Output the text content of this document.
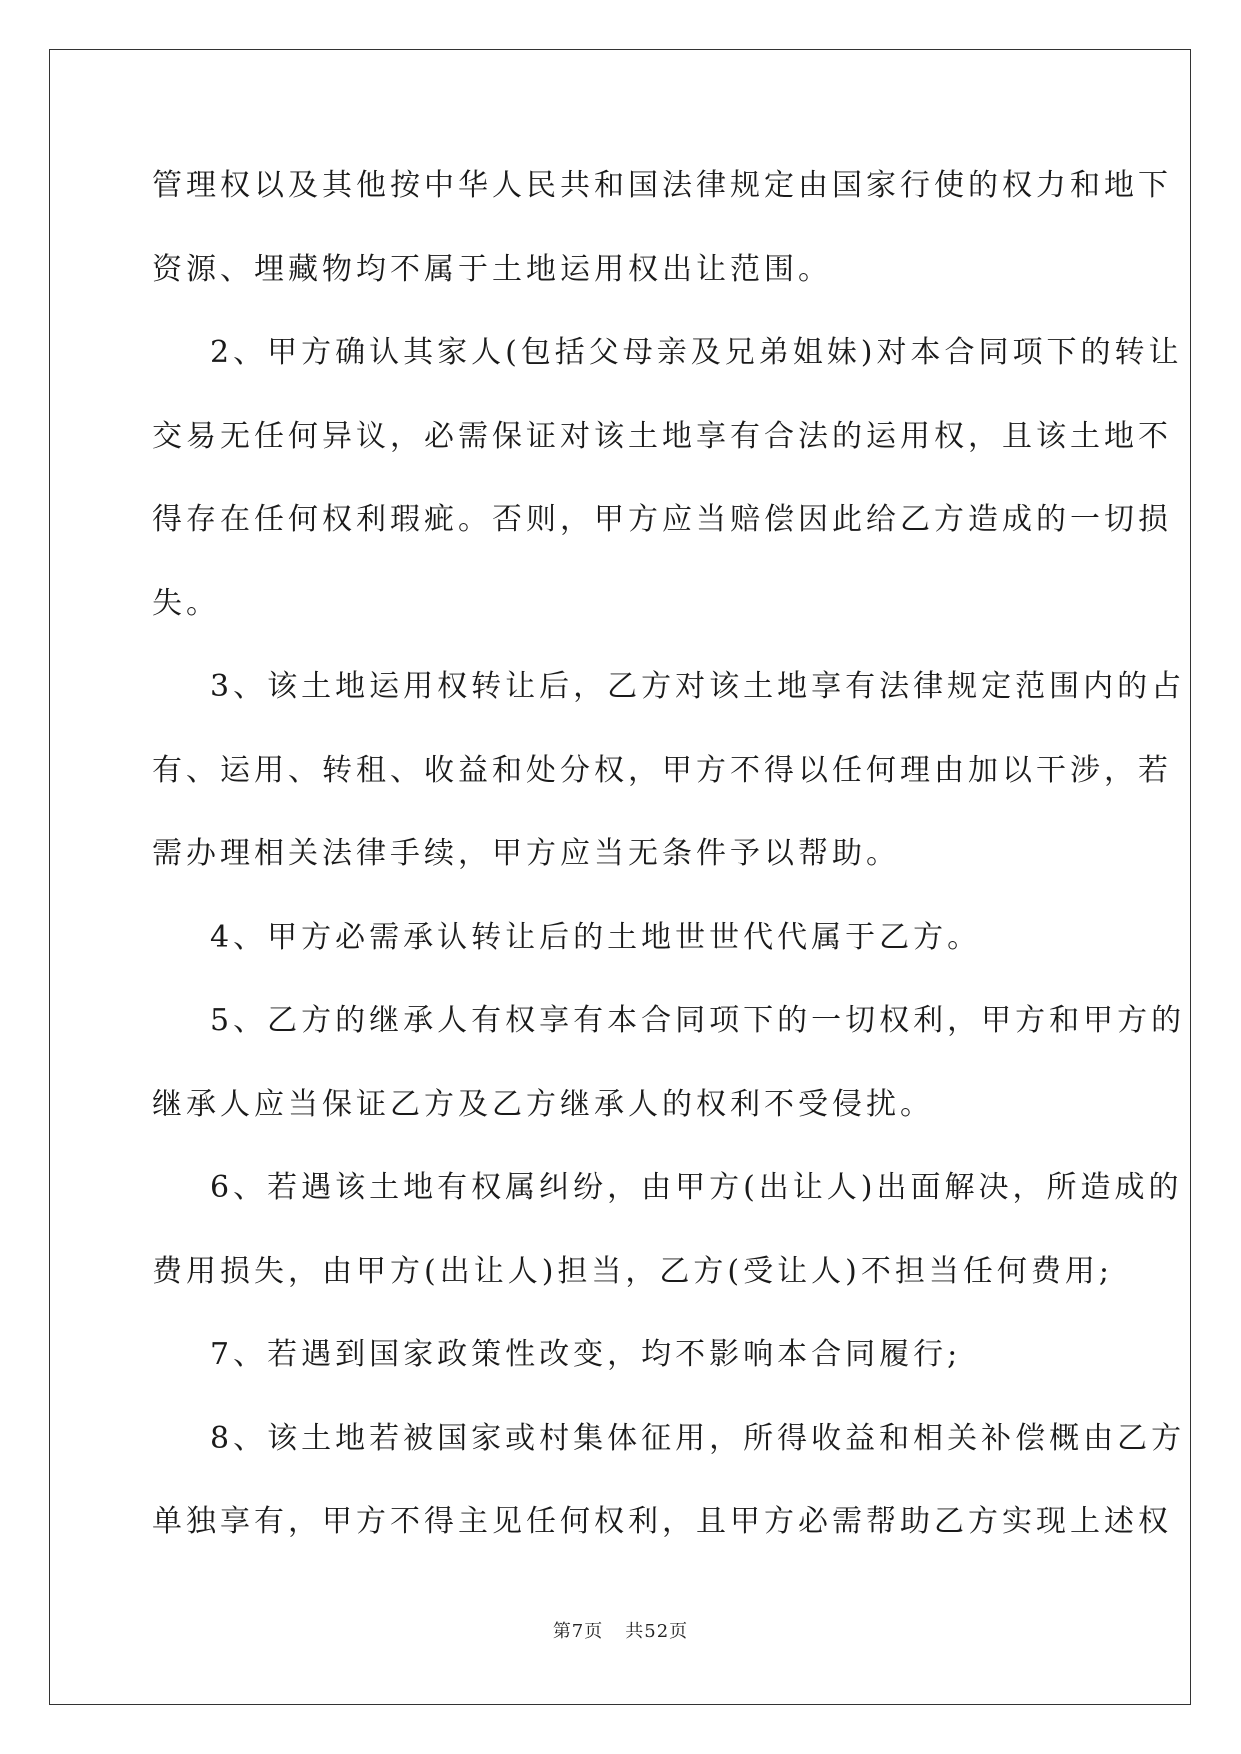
管理权以及其他按中华人民共和国法律规定由国家行使的权力和地下
资源、埋藏物均不属于土地运用权出让范围。
2、甲方确认其家人(包括父母亲及兄弟姐妹)对本合同项下的转让
交易无任何异议，必需保证对该土地享有合法的运用权，且该土地不
得存在任何权利瑕疵。否则，甲方应当赔偿因此给乙方造成的一切损
失。
3、该土地运用权转让后，乙方对该土地享有法律规定范围内的占
有、运用、转租、收益和处分权，甲方不得以任何理由加以干涉，若
需办理相关法律手续，甲方应当无条件予以帮助。
4、甲方必需承认转让后的土地世世代代属于乙方。
5、乙方的继承人有权享有本合同项下的一切权利，甲方和甲方的
继承人应当保证乙方及乙方继承人的权利不受侵扰。
6、若遇该土地有权属纠纷，由甲方(出让人)出面解决，所造成的
费用损失，由甲方(出让人)担当，乙方(受让人)不担当任何费用;
7、若遇到国家政策性改变，均不影响本合同履行;
8、该土地若被国家或村集体征用，所得收益和相关补偿概由乙方
单独享有，甲方不得主见任何权利，且甲方必需帮助乙方实现上述权
第7页 共52页
